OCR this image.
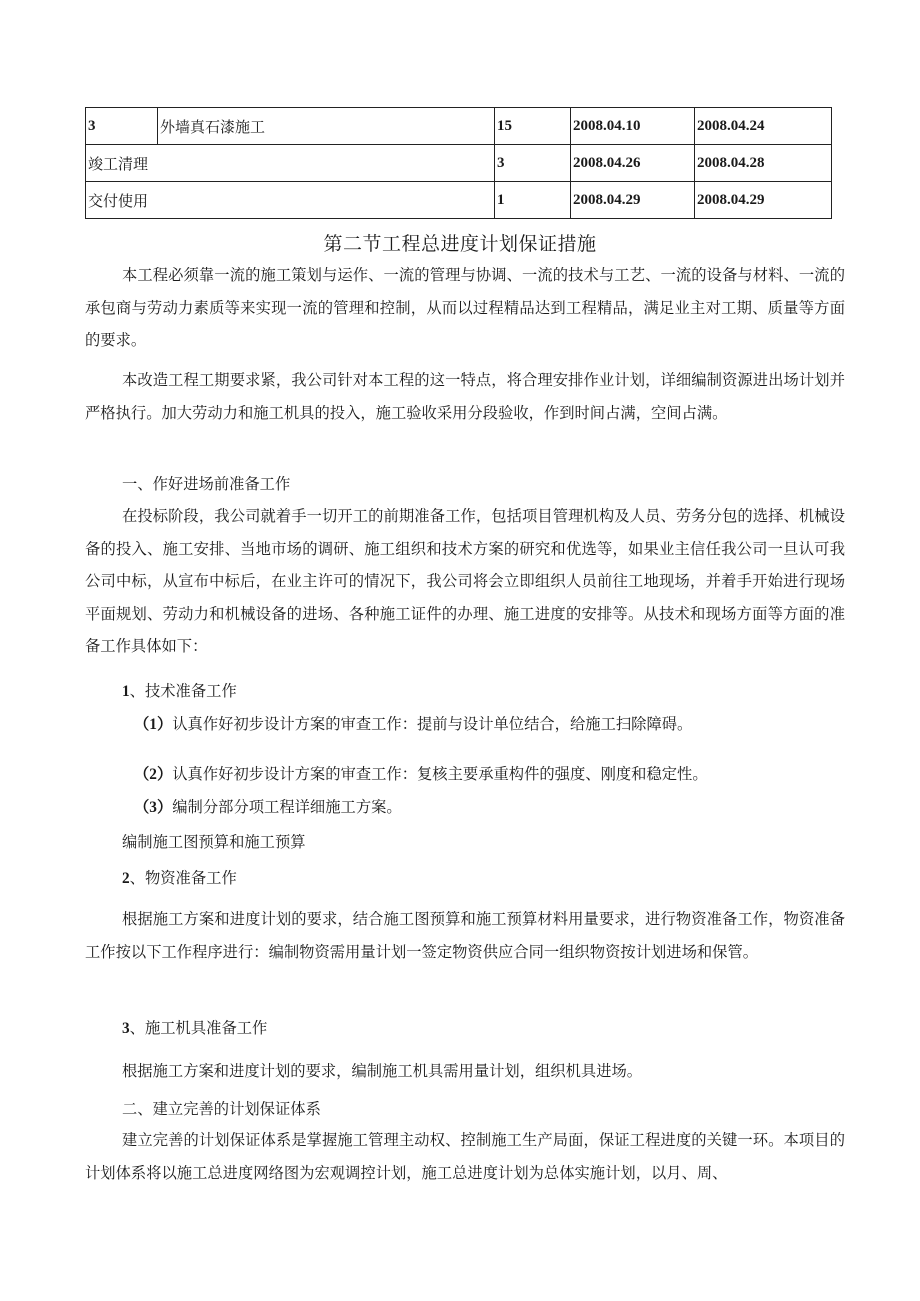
3	外墙真石漆施工	15	2008.04.10	2008.04.24
竣工清理		3	2008.04.26	2008.04.28
交付使用		1	2008.04.29	2008.04.29
第二节工程总进度计划保证措施
本工程必须靠一流的施工策划与运作、一流的管理与协调、一流的技术与工艺、一流的设备与材料、一流的承包商与劳动力素质等来实现一流的管理和控制，从而以过程精品达到工程精品，满足业主对工期、质量等方面的要求。
本改造工程工期要求紧，我公司针对本工程的这一特点，将合理安排作业计划，详细编制资源进出场计划并严格执行。加大劳动力和施工机具的投入，施工验收采用分段验收，作到时间占满，空间占满。
一、作好进场前准备工作
在投标阶段，我公司就着手一切开工的前期准备工作，包括项目管理机构及人员、劳务分包的选择、机械设备的投入、施工安排、当地市场的调研、施工组织和技术方案的研究和优选等，如果业主信任我公司一旦认可我公司中标，从宣布中标后，在业主许可的情况下，我公司将会立即组织人员前往工地现场，并着手开始进行现场平面规划、劳动力和机械设备的进场、各种施工证件的办理、施工进度的安排等。从技术和现场方面等方面的准备工作具体如下：
1、技术准备工作
（1）认真作好初步设计方案的审查工作：提前与设计单位结合，给施工扫除障碍。
（2）认真作好初步设计方案的审查工作：复核主要承重构件的强度、刚度和稳定性。
（3）编制分部分项工程详细施工方案。
编制施工图预算和施工预算
2、物资准备工作
根据施工方案和进度计划的要求，结合施工图预算和施工预算材料用量要求，进行物资准备工作，物资准备工作按以下工作程序进行：编制物资需用量计划一签定物资供应合同一组织物资按计划进场和保管。
3、施工机具准备工作
根据施工方案和进度计划的要求，编制施工机具需用量计划，组织机具进场。
二、建立完善的计划保证体系
建立完善的计划保证体系是掌握施工管理主动权、控制施工生产局面，保证工程进度的关键一环。本项目的计划体系将以施工总进度网络图为宏观调控计划，施工总进度计划为总体实施计划，以月、周、
